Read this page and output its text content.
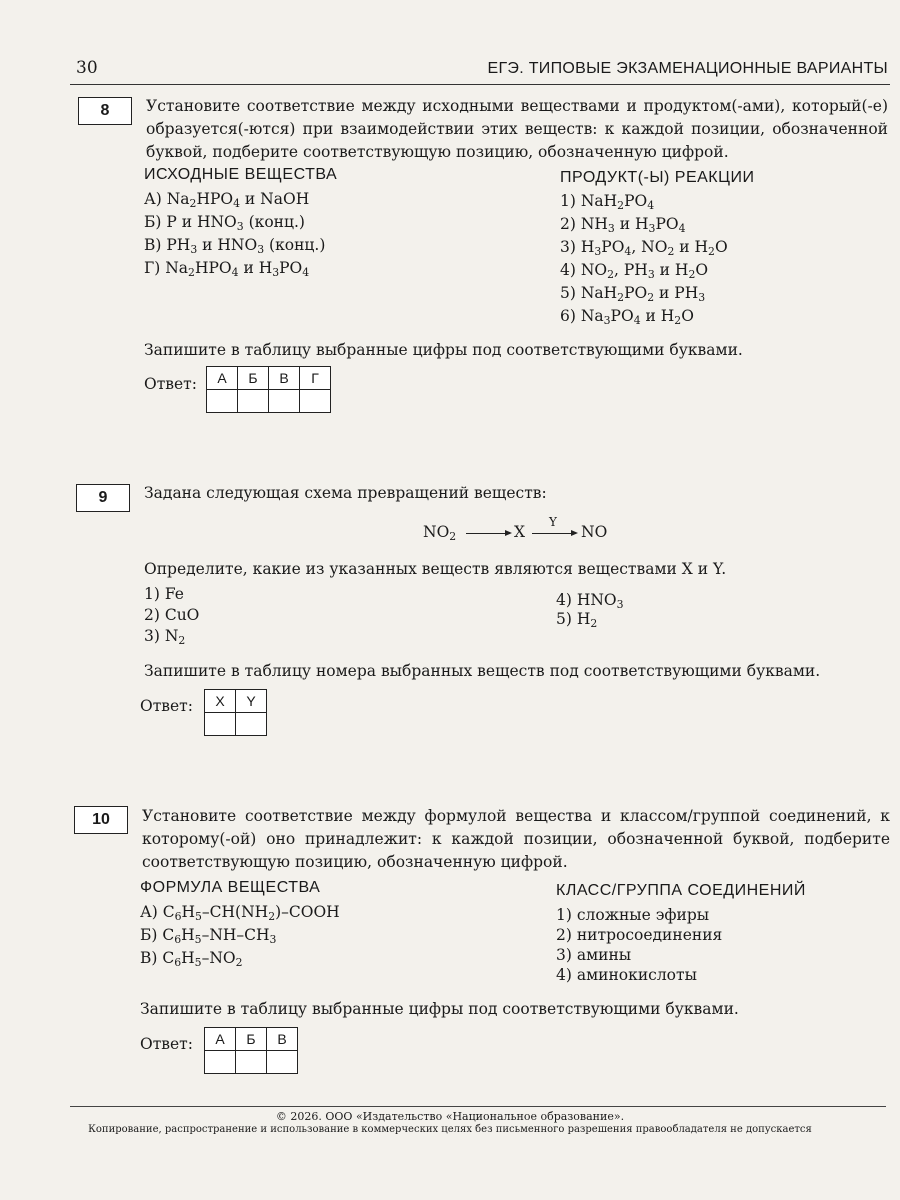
30	ЕГЭ. ТИПОВЫЕ ЭКЗАМЕНАЦИОННЫЕ ВАРИАНТЫ
8	Установите соответствие между исходными веществами и продуктом(-ами), который(-е) образуется(-ются) при взаимодействии этих веществ: к каждой позиции, обозначенной буквой, подберите соответствующую позицию, обозначенную цифрой.
ИСХОДНЫЕ ВЕЩЕСТВА	ПРОДУКТ(-Ы) РЕАКЦИИ
А) $Na_2HPO_4$ и NaOH
Б) P и $HNO_3$ (конц.)
В) $PH_3$ и $HNO_3$ (конц.)
Г) $Na_2HPO_4$ и $H_3PO_4$
1) $NaH_2PO_4$
2) $NH_3$ и $H_3PO_4$
3) $H_3PO_4$, $NO_2$ и $H_2O$
4) $NO_2$, $PH_3$ и $H_2O$
5) $NaH_2PO_2$ и $PH_3$
6) $Na_3PO_4$ и $H_2O$
Запишите в таблицу выбранные цифры под соответствующими буквами.
Ответ: А	Б	В	Г

9	Задана следующая схема превращений веществ:
$NO_2$	X
Y
NO
Определите, какие из указанных веществ являются веществами X и Y.
1) Fe
2) CuO
3) $N_2$
4) $HNO_3$
5) $H_2$
Запишите в таблицу номера выбранных веществ под соответствующими буквами.
Ответ: X	Y

10	Установите соответствие между формулой вещества и классом/группой соединений, к которому(-ой) оно принадлежит: к каждой позиции, обозначенной буквой, подберите соответствующую позицию, обозначенную цифрой.
ФОРМУЛА ВЕЩЕСТВА	КЛАСС/ГРУППА СОЕДИНЕНИЙ
А) $C_6H_5-CH(NH_2)$–COOH
Б) $C_6H_5-NH-CH_3$
В) $C_6H_5-NO_2$
1) сложные эфиры
2) нитросоединения
3) амины
4) аминокислоты
Запишите в таблицу выбранные цифры под соответствующими буквами.
Ответ: А	Б	В

© 2026. ООО «Издательство «Национальное образование».
Копирование, распространение и использование в коммерческих целях без письменного разрешения правообладателя не допускается
